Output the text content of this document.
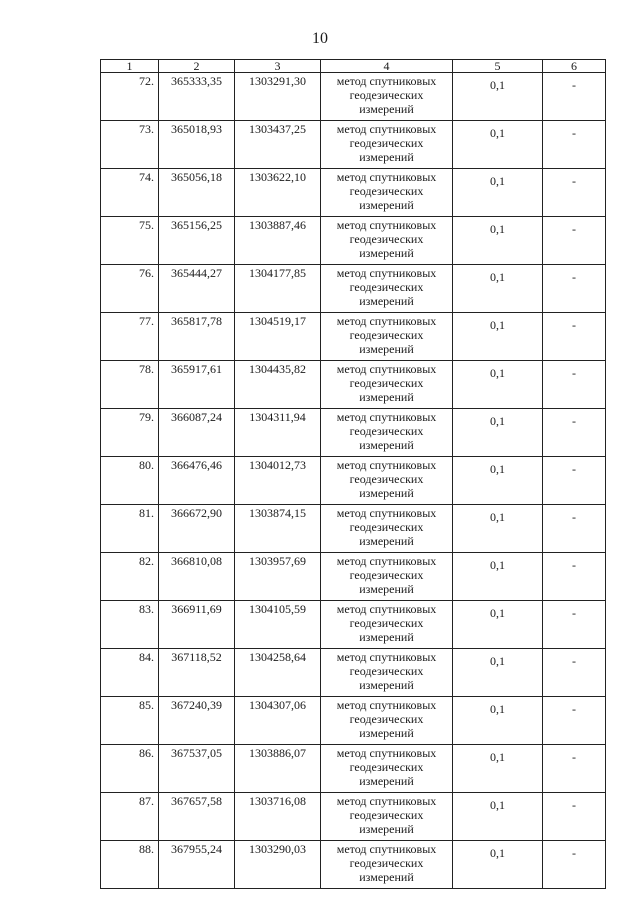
10
1	2	3	4	5	6
72.	365333,35	1303291,30	метод спутниковых геодезических измерений	0,1	-
73.	365018,93	1303437,25	метод спутниковых геодезических измерений	0,1	-
74.	365056,18	1303622,10	метод спутниковых геодезических измерений	0,1	-
75.	365156,25	1303887,46	метод спутниковых геодезических измерений	0,1	-
76.	365444,27	1304177,85	метод спутниковых геодезических измерений	0,1	-
77.	365817,78	1304519,17	метод спутниковых геодезических измерений	0,1	-
78.	365917,61	1304435,82	метод спутниковых геодезических измерений	0,1	-
79.	366087,24	1304311,94	метод спутниковых геодезических измерений	0,1	-
80.	366476,46	1304012,73	метод спутниковых геодезических измерений	0,1	-
81.	366672,90	1303874,15	метод спутниковых геодезических измерений	0,1	-
82.	366810,08	1303957,69	метод спутниковых геодезических измерений	0,1	-
83.	366911,69	1304105,59	метод спутниковых геодезических измерений	0,1	-
84.	367118,52	1304258,64	метод спутниковых геодезических измерений	0,1	-
85.	367240,39	1304307,06	метод спутниковых геодезических измерений	0,1	-
86.	367537,05	1303886,07	метод спутниковых геодезических измерений	0,1	-
87.	367657,58	1303716,08	метод спутниковых геодезических измерений	0,1	-
88.	367955,24	1303290,03	метод спутниковых геодезических измерений	0,1	-
